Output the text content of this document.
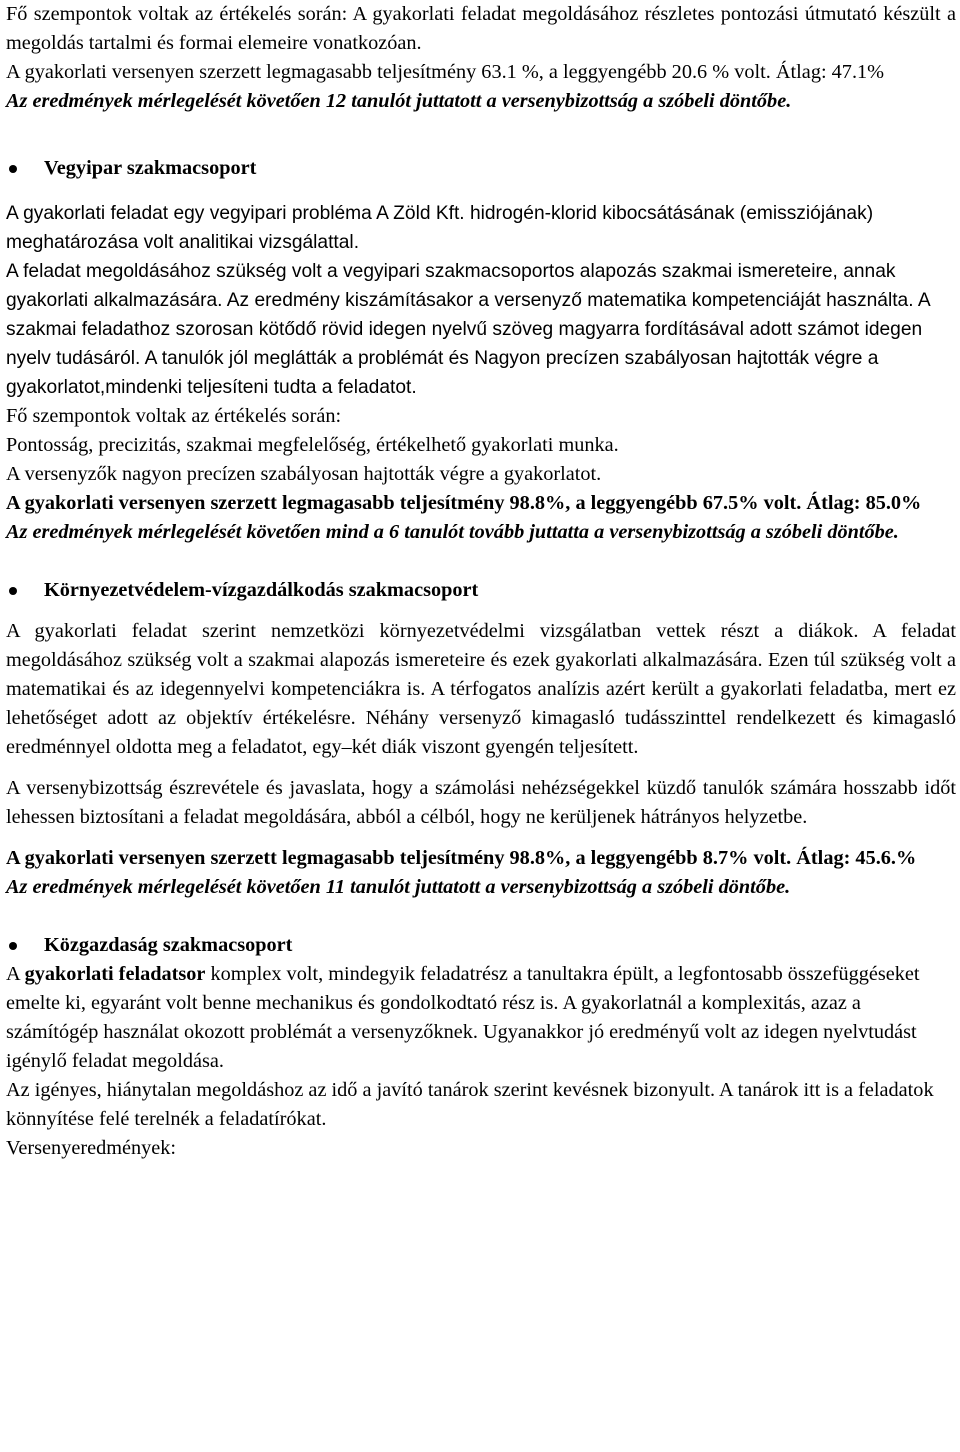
Fő szempontok voltak az értékelés során: A gyakorlati feladat megoldásához részletes pontozási útmutató készült a megoldás tartalmi és formai elemeire vonatkozóan.

A gyakorlati versenyen szerzett legmagasabb teljesítmény 63.1 %, a leggyengébb 20.6 % volt. Átlag: 47.1%

Az eredmények mérlegelését követően 12 tanulót juttatott a versenybizottság a szóbeli döntőbe.

Vegyipar szakmacsoport

A gyakorlati feladat egy vegyipari probléma A Zöld Kft. hidrogén-klorid kibocsátásának (emissziójának) meghatározása volt analitikai vizsgálattal.

A feladat megoldásához szükség volt a vegyipari szakmacsoportos alapozás szakmai ismereteire, annak gyakorlati alkalmazására. Az eredmény kiszámításakor a versenyző matematika kompetenciáját használta. A szakmai feladathoz szorosan kötődő rövid idegen nyelvű szöveg magyarra fordításával adott számot idegen nyelv tudásáról. A tanulók jól meglátták a problémát és Nagyon precízen szabályosan hajtották végre a gyakorlatot,mindenki teljesíteni tudta a feladatot.

Fő szempontok voltak az értékelés során:

Pontosság, precizitás, szakmai megfelelőség, értékelhető gyakorlati munka.

A versenyzők nagyon precízen szabályosan hajtották végre a gyakorlatot.

A gyakorlati versenyen szerzett legmagasabb teljesítmény 98.8%, a leggyengébb 67.5% volt. Átlag: 85.0%

Az eredmények mérlegelését követően mind a 6 tanulót tovább juttatta a versenybizottság a szóbeli döntőbe.

Környezetvédelem-vízgazdálkodás szakmacsoport

A gyakorlati feladat szerint nemzetközi környezetvédelmi vizsgálatban vettek részt a diákok. A feladat megoldásához szükség volt a szakmai alapozás ismereteire és ezek gyakorlati alkalmazására. Ezen túl szükség volt a matematikai és az idegennyelvi kompetenciákra is. A térfogatos analízis azért került a gyakorlati feladatba, mert ez lehetőséget adott az objektív értékelésre. Néhány versenyző kimagasló tudásszinttel rendelkezett és kimagasló eredménnyel oldotta meg a feladatot, egy–két diák viszont gyengén teljesített.

A versenybizottság észrevétele és javaslata, hogy a számolási nehézségekkel küzdő tanulók számára hosszabb időt lehessen biztosítani a feladat megoldására, abból a célból, hogy ne kerüljenek hátrányos helyzetbe.

A gyakorlati versenyen szerzett legmagasabb teljesítmény 98.8%, a leggyengébb 8.7% volt. Átlag: 45.6.%

Az eredmények mérlegelését követően 11 tanulót juttatott a versenybizottság a szóbeli döntőbe.

Közgazdaság szakmacsoport

A gyakorlati feladatsor komplex volt, mindegyik feladatrész a tanultakra épült, a legfontosabb összefüggéseket emelte ki, egyaránt volt benne mechanikus és gondolkodtató rész is. A gyakorlatnál a komplexitás, azaz a számítógép használat okozott problémát a versenyzőknek. Ugyanakkor jó eredményű volt az idegen nyelvtudást igénylő feladat megoldása.

Az igényes, hiánytalan megoldáshoz az idő a javító tanárok szerint kevésnek bizonyult. A tanárok itt is a feladatok könnyítése felé terelnék a feladatírókat.

Versenyeredmények:
